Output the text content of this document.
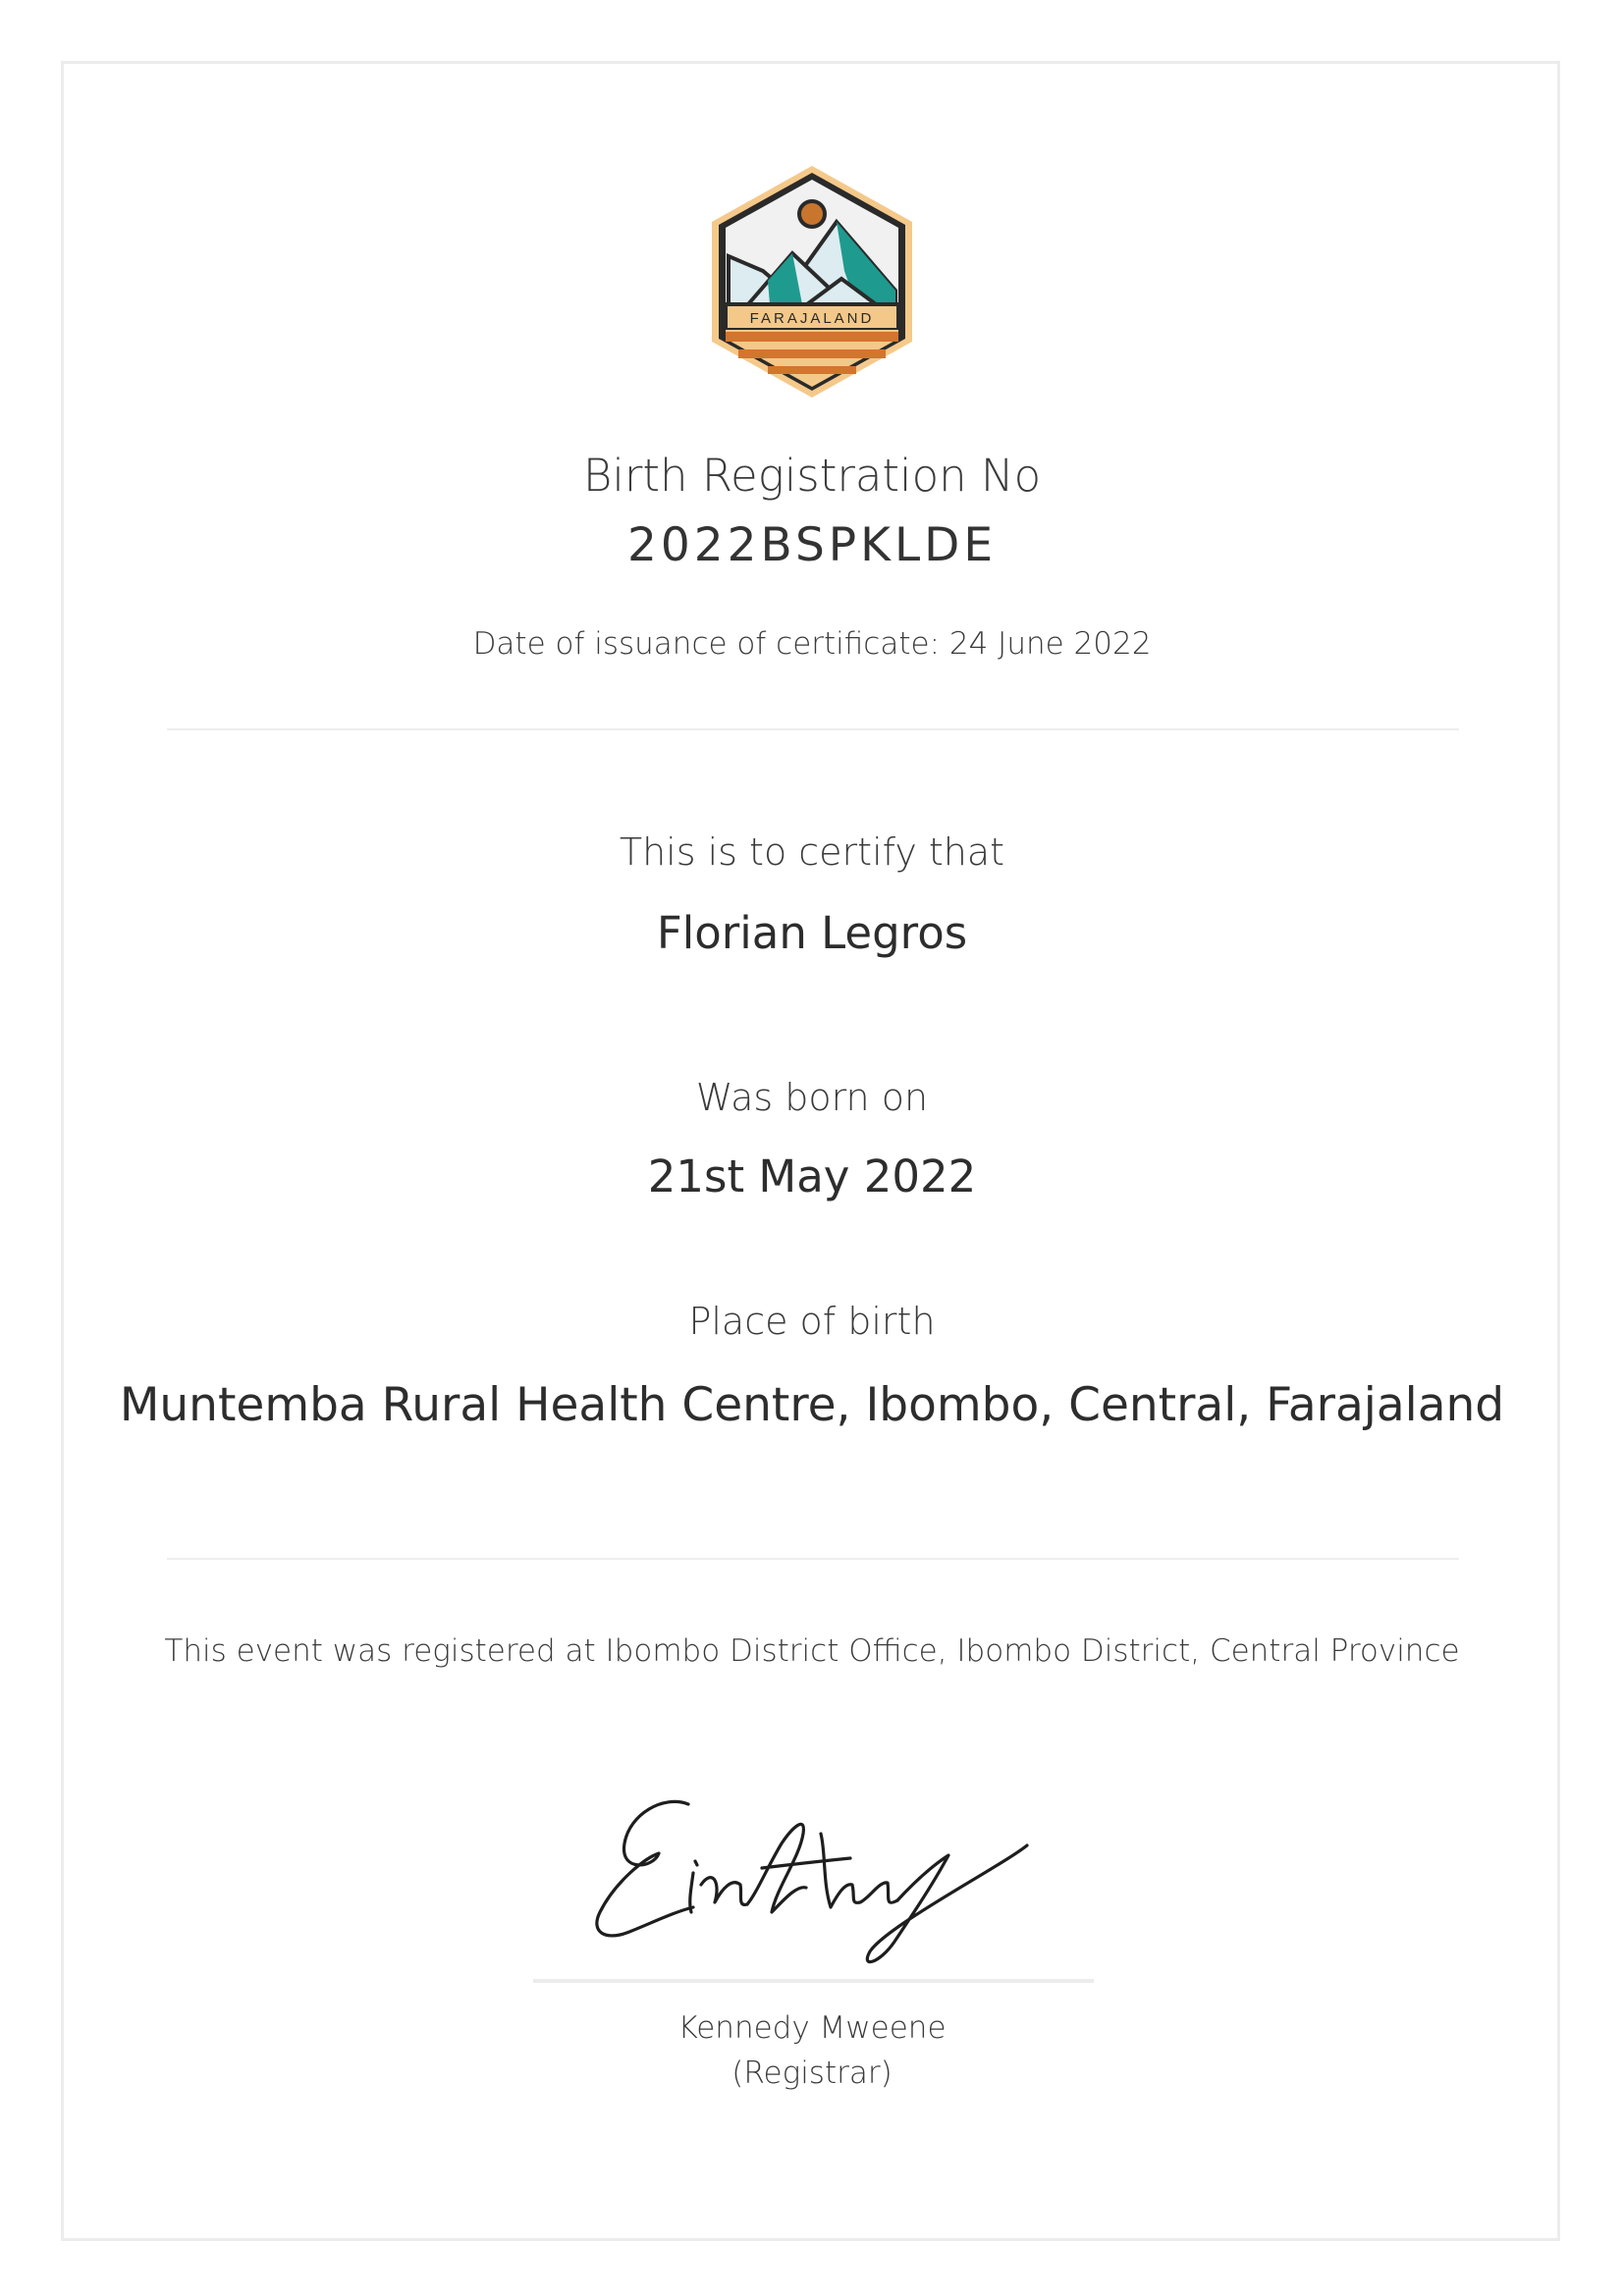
FARAJALAND
Birth Registration No
2022BSPKLDE
Date of issuance of certificate: 24 June 2022
This is to certify that
Florian Legros
Was born on
21st May 2022
Place of birth
Muntemba Rural Health Centre, Ibombo, Central, Farajaland
This event was registered at Ibombo District Office, Ibombo District, Central Province
Kennedy Mweene
(Registrar)
